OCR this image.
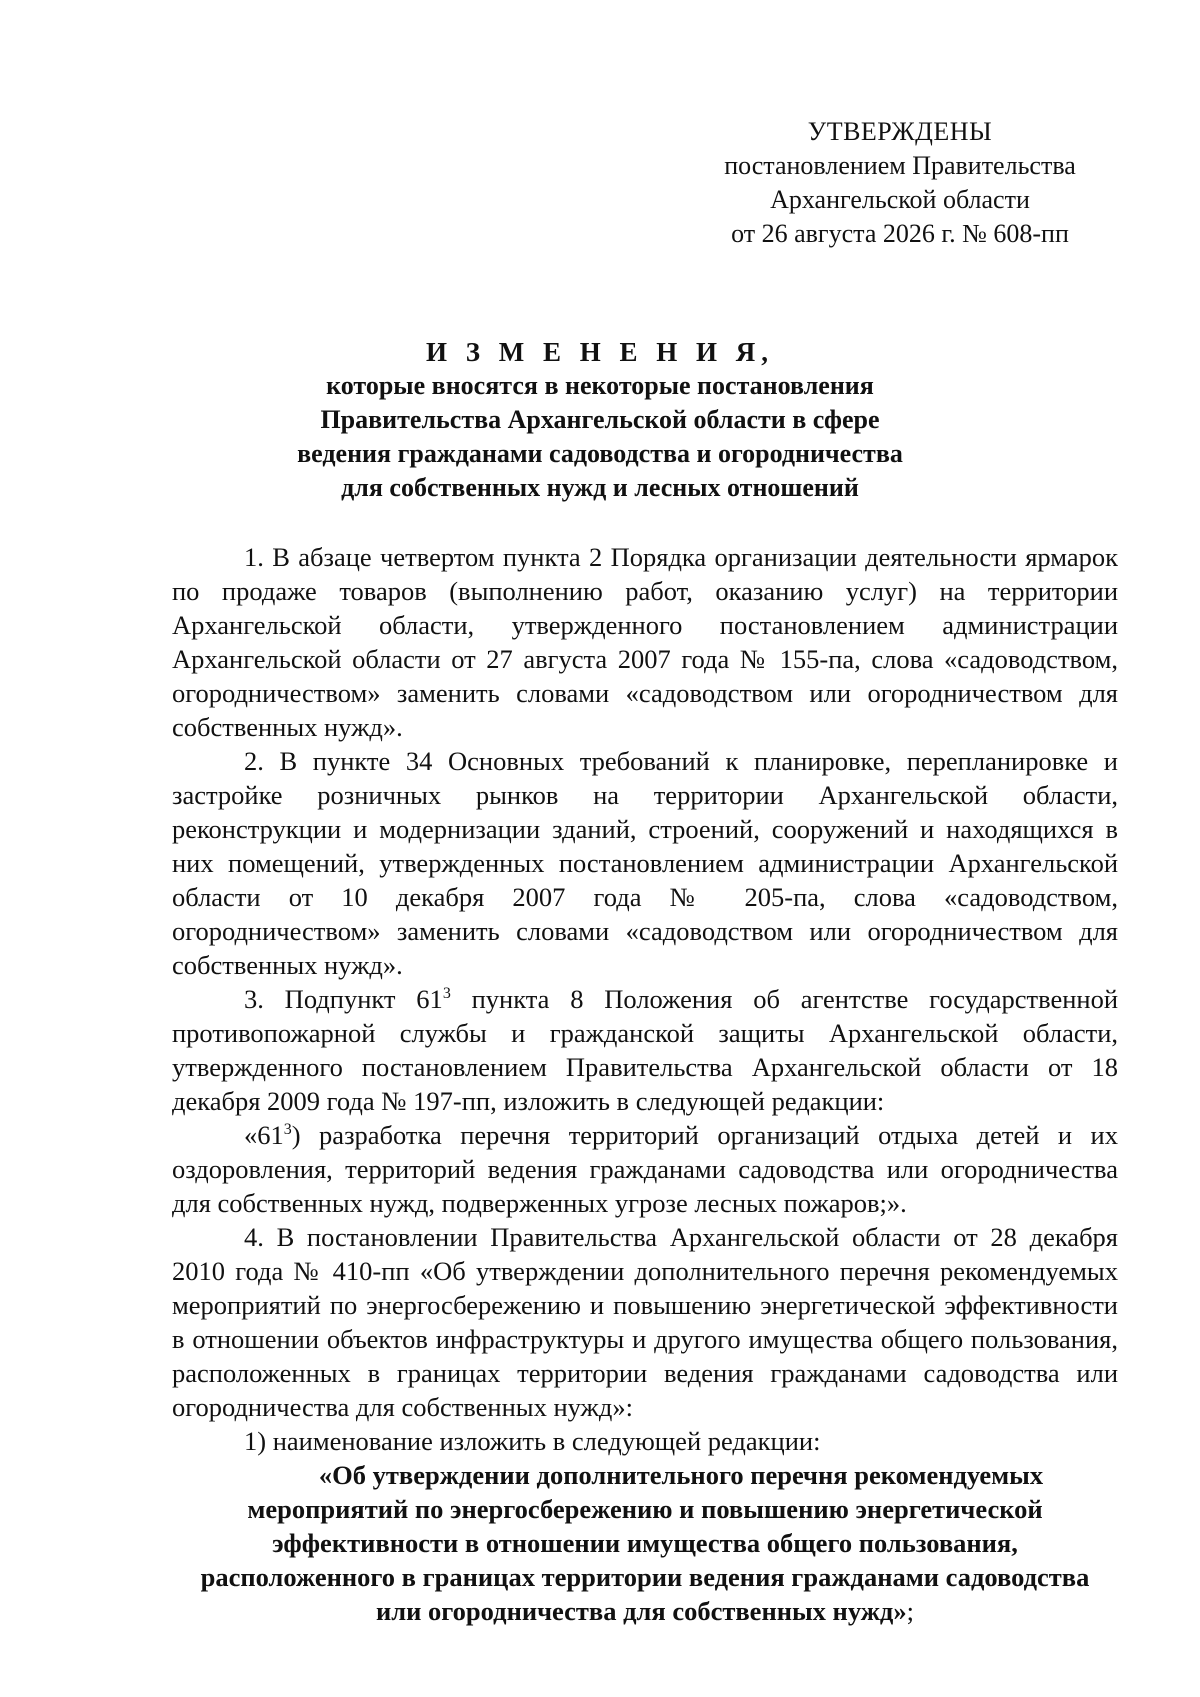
УТВЕРЖДЕНЫ
постановлением Правительства
Архангельской области
от 26 августа 2026 г. № 608-пп
И З М Е Н Е Н И Я,
которые вносятся в некоторые постановления
Правительства Архангельской области в сфере
ведения гражданами садоводства и огородничества
для собственных нужд и лесных отношений

1. В абзаце четвертом пункта 2 Порядка организации деятельности ярмарок по продаже товаров (выполнению работ, оказанию услуг) на территории Архангельской области, утвержденного постановлением администрации Архангельской области от 27 августа 2007 года № 155-па, слова «садоводством, огородничеством» заменить словами «садоводством или огородничеством для собственных нужд».

2. В пункте 34 Основных требований к планировке, перепланировке и застройке розничных рынков на территории Архангельской области, реконструкции и модернизации зданий, строений, сооружений и находящихся в них помещений, утвержденных постановлением администрации Архангельской области от 10 декабря 2007 года № 205-па, слова «садоводством, огородничеством» заменить словами «садоводством или огородничеством для собственных нужд».

3. Подпункт $61^3$ пункта 8 Положения об агентстве государственной противопожарной службы и гражданской защиты Архангельской области, утвержденного постановлением Правительства Архангельской области от 18 декабря 2009 года № 197-пп, изложить в следующей редакции:

«$61^3$) разработка перечня территорий организаций отдыха детей и их оздоровления, территорий ведения гражданами садоводства или огородничества для собственных нужд, подверженных угрозе лесных пожаров;».

4. В постановлении Правительства Архангельской области от 28 декабря 2010 года № 410-пп «Об утверждении дополнительного перечня рекомендуемых мероприятий по энергосбережению и повышению энергетической эффективности в отношении объектов инфраструктуры и другого имущества общего пользования, расположенных в границах территории ведения гражданами садоводства или огородничества для собственных нужд»:

1) наименование изложить в следующей редакции:

«Об утверждении дополнительного перечня рекомендуемых мероприятий по энергосбережению и повышению энергетической эффективности в отношении имущества общего пользования, расположенного в границах территории ведения гражданами садоводства или огородничества для собственных нужд»;
